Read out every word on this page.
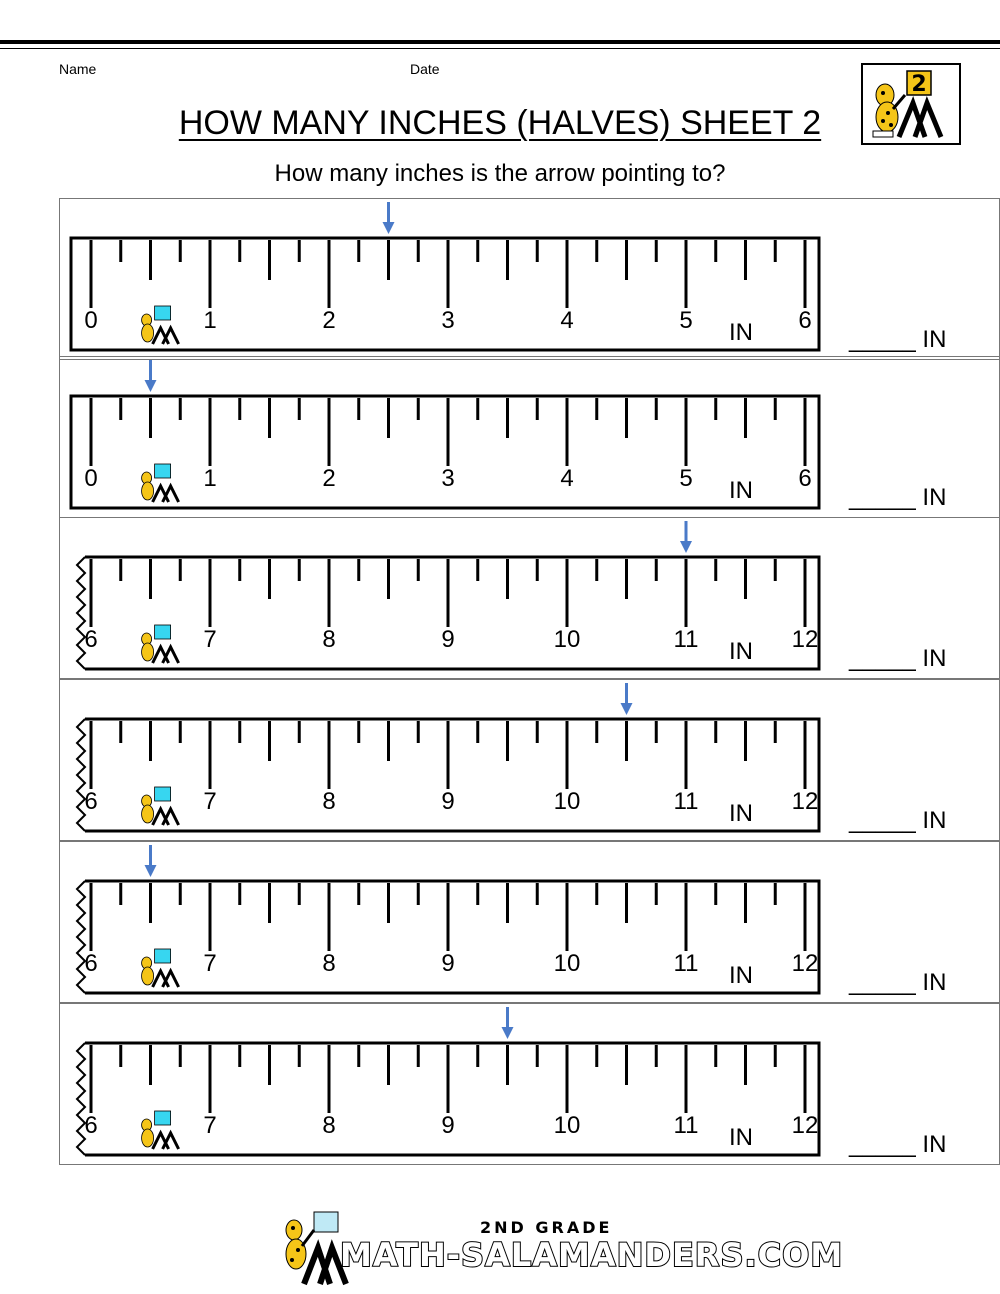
Name	Date
2
HOW MANY INCHES (HALVES) SHEET 2
How many inches is the arrow pointing to?
0	1	2	3	4	5	6
IN	_____ IN
0	1	2	3	4	5	6
IN	_____ IN
6	7	8	9	10	11	12
IN	_____ IN
6	7	8	9	10	11	12
IN	_____ IN
6	7	8	9	10	11	12
IN	_____ IN
6	7	8	9	10	11	12
IN	_____ IN
2ND GRADE
MATH-SALAMANDERS.COM
